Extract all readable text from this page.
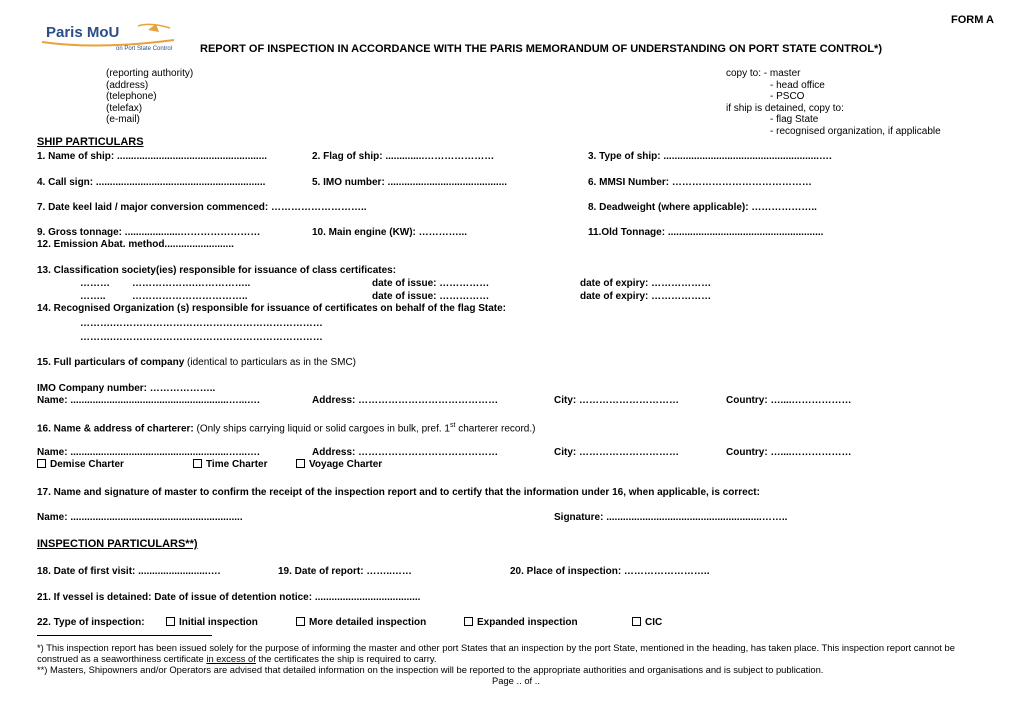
Paris MoU
on Port State Control
FORM A
REPORT OF INSPECTION IN ACCORDANCE WITH THE PARIS MEMORANDUM OF UNDERSTANDING ON PORT STATE CONTROL*)
(reporting authority)
(address)
(telephone)
(telefax)
(e-mail)
copy to: - master
- head office
- PSCO
if ship is detained, copy to:
- flag State
- recognised organization, if applicable
SHIP PARTICULARS
1. Name of ship: ......................................................	2. Flag of ship: ..............…………………	3. Type of ship: ........................................................….
4. Call sign: .............................................................	5. IMO number: ...........................................	6. MMSI Number: ……………………………………
7. Date keel laid / major conversion commenced: ………………………..	8. Deadweight (where applicable): ………………..
9. Gross tonnage: ....................……………………	10. Main engine (KW): …………...	11.Old Tonnage: ........................................................
12. Emission Abat. method.........................
13. Classification society(ies) responsible for issuance of class certificates:
……… ……………….……………..	date of issue: ……………	date of expiry: ………………
……..	……………………………..	date of issue: ……………	date of expiry: ………………
14. Recognised Organization (s) responsible for issuance of certificates on behalf of the flag State:
……….………………………………………………………
……….………………………………………………………
15. Full particulars of company (identical to particulars as in the SMC)
IMO Company number: ………………..
Name: .........................................................…...….	Address: ……………………………………	City: …………………………	Country: …....………………
16. Name & address of charterer: (Only ships carrying liquid or solid cargoes in bulk, pref. 1st charterer record.)
Name: .........................................................…...….	Address: ……………………………………	City: …………………………	Country: …....………………
Demise Charter	Time Charter	Voyage Charter
17. Name and signature of master to confirm the receipt of the inspection report and to certify that the information under 16, when applicable, is correct:
Name: ..............................................................	Signature: ........................................................……..
INSPECTION PARTICULARS**)
18. Date of first visit: .........................….	19. Date of report: ……..……	20. Place of inspection: ……………………..
21. If vessel is detained: Date of issue of detention notice: ......................................
22. Type of inspection:	Initial inspection	More detailed inspection	Expanded inspection	CIC
*) This inspection report has been issued solely for the purpose of informing the master and other port States that an inspection by the port State, mentioned in the heading, has taken place. This inspection report cannot be
construed as a seaworthiness certificate in excess of the certificates the ship is required to carry.
**) Masters, Shipowners and/or Operators are advised that detailed information on the inspection will be reported to the appropriate authorities and organisations and is subject to publication.
Page .. of ..
